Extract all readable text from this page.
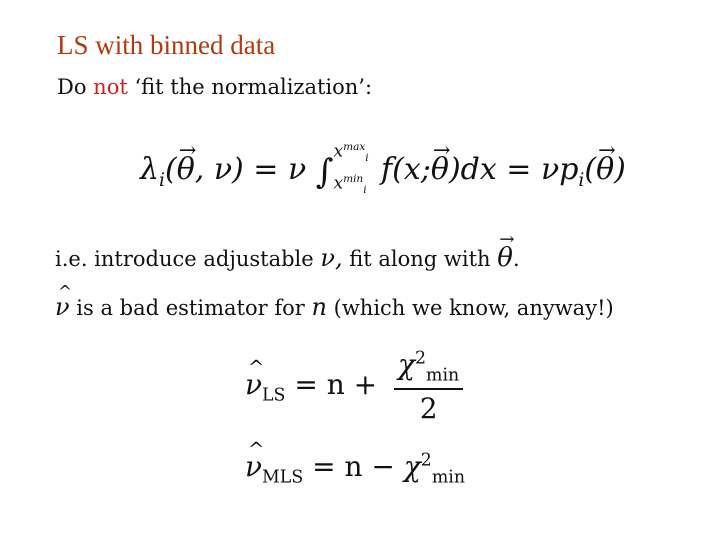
LS with binned data
Do not ‘fit the normalization’:
$\lambda_i(\to \theta$, ν) = ν ∫
$x^{max}_i$
$x^{min}_i$
f(x;→ $\theta)dx = \nu p_i(\to \theta)$
i.e. introduce adjustable ν, fit along with → θ.
^ ν is a bad estimator for n (which we know, anyway!)
^ $\nu_{LS} = n + \frac{\chi^2_{min}}{2}$
^ $\nu_{MLS} = n - \chi^2_{min}$
